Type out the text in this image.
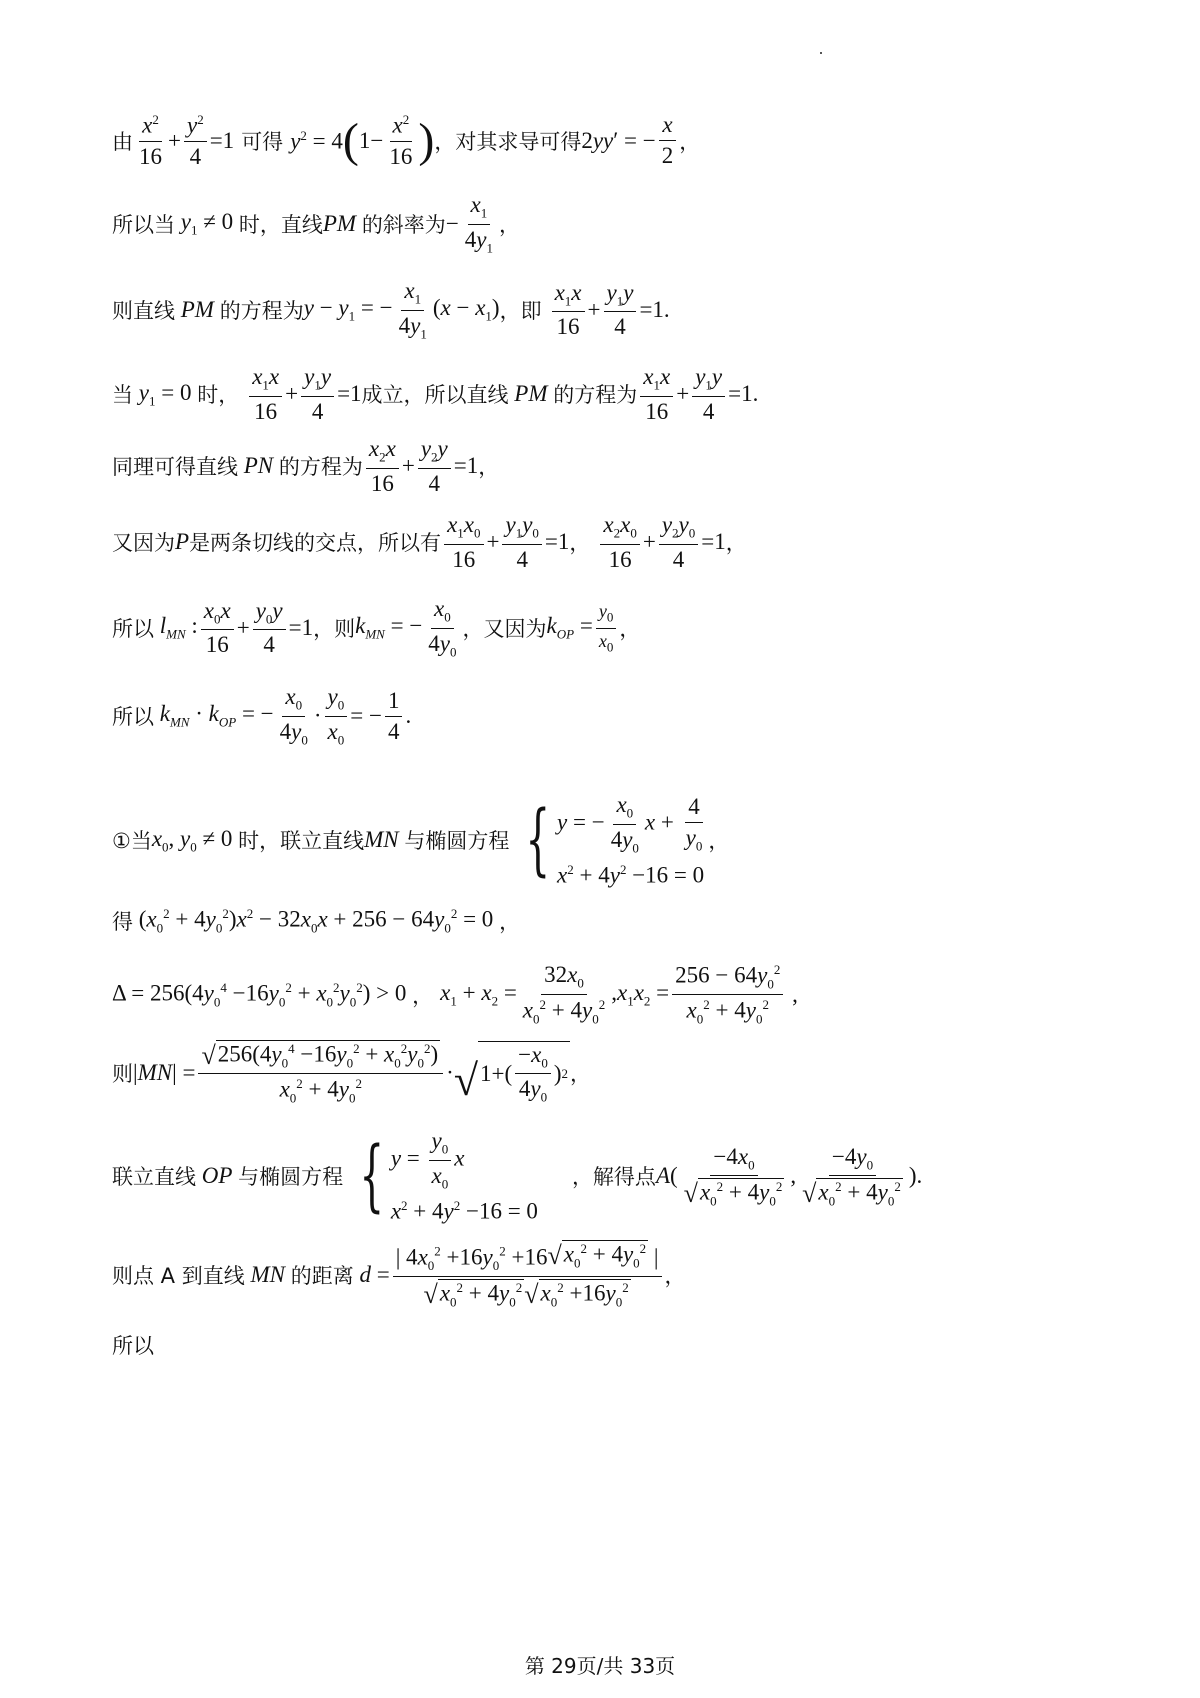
由 $\frac{x^2}{16} + \frac{y^2}{4} =1$
可得
$y^2 = 4$ ( $1- \frac{x^2}{16}$ ) ，对其求导可得 2yy′ = − $\frac{x}{2}$ ，
所以当 $y_1 \ne 0$ 时，直线 PM 的斜率为 − $\frac{x_1}{4y_1}$ ，
则直线 PM 的方程为 $y - y_1$ = − $\frac{x_1}{4y_1} (x - x_1)$ ，即
$\frac{x_1x}{16} + \frac{y_1y}{4} =1$.
当 $y_1 = 0$ 时，
$\frac{x_1x}{16} + \frac{y_1y}{4} =1$ 成立，所以直线 PM 的方程为 $\frac{x_1x}{16} + \frac{y_1y}{4} =1$.
同理可得直线 PN 的方程为 $\frac{x_2x}{16} + \frac{y_2y}{4} =1$ ，
又因为 P 是两条切线的交点，所以有 $\frac{x_1x_0}{16} + \frac{y_1y_0}{4} =1$ ，
$\frac{x_2x_0}{16} + \frac{y_2y_0}{4} =1$ ，
所以 $l_{MN}$ : $\frac{x_0x}{16} + \frac{y_0y}{4} =1$ ，则 $k_{MN}$ = − $\frac{x_0}{4y_0}$ ，又因为 $k_{OP} = \frac{y_0}{x_0}$ ，
所以 $k_{MN} \cdot k_{OP}$ = − $\frac{x_0}{4y_0} \cdot \frac{y_0}{x_0}$ = − $\frac{1}{4}$ .
①当 $x_0$, $y_0 \ne 0$ 时，联立直线 MN 与椭圆方程 { y = − $\frac{x_0}{4y_0}$ $x + \frac{4}{y_0}$
$x^2 + 4y^2 -16 = 0$
，
得 $(x_0^2 + 4y_0^2)x^2 - 32x_0x + 256 - 64y_0^2 = 0$ ，
$\Delta = 256(4y_0^4 -16y_0^2 + x_0^2y_0^2) > 0$ ，
$x_1 + x_2 = \frac{32x_0}{x_0^2 + 4y_0^2} ,x_1x_2 = \frac{256 - 64y_0^2}{x_0^2 + 4y_0^2}$ ,
则 $|MN| = \frac{√ 256(4y_0^4 -16y_0^2 + x_0^2y_0^2)}{x_0^2 + 4y_0^2}$ · √ $1+( \frac{-x_0}{4y_0}$ ) 2 ，
联立直线 OP 与椭圆方程 { $y = \frac{y_0}{x_0}$ x
$x^2 + 4y^2 -16 = 0$
，解得点 $A( \frac{-4x_0}{√ x_0^2 + 4y_0^2}$ , $\frac{-4y_0}{√ x_0^2 + 4y_0^2}$ ).
则点 A 到直线 MN 的距离 $d = \frac{| 4x_0^2 +16y_0^2 +16 √ x_0^2 + 4y_0^2 |}{√ x_0^2 + 4y_0^2 √ x_0^2 +16y_0^2}$ ，
所以
第 29页/共 33页
